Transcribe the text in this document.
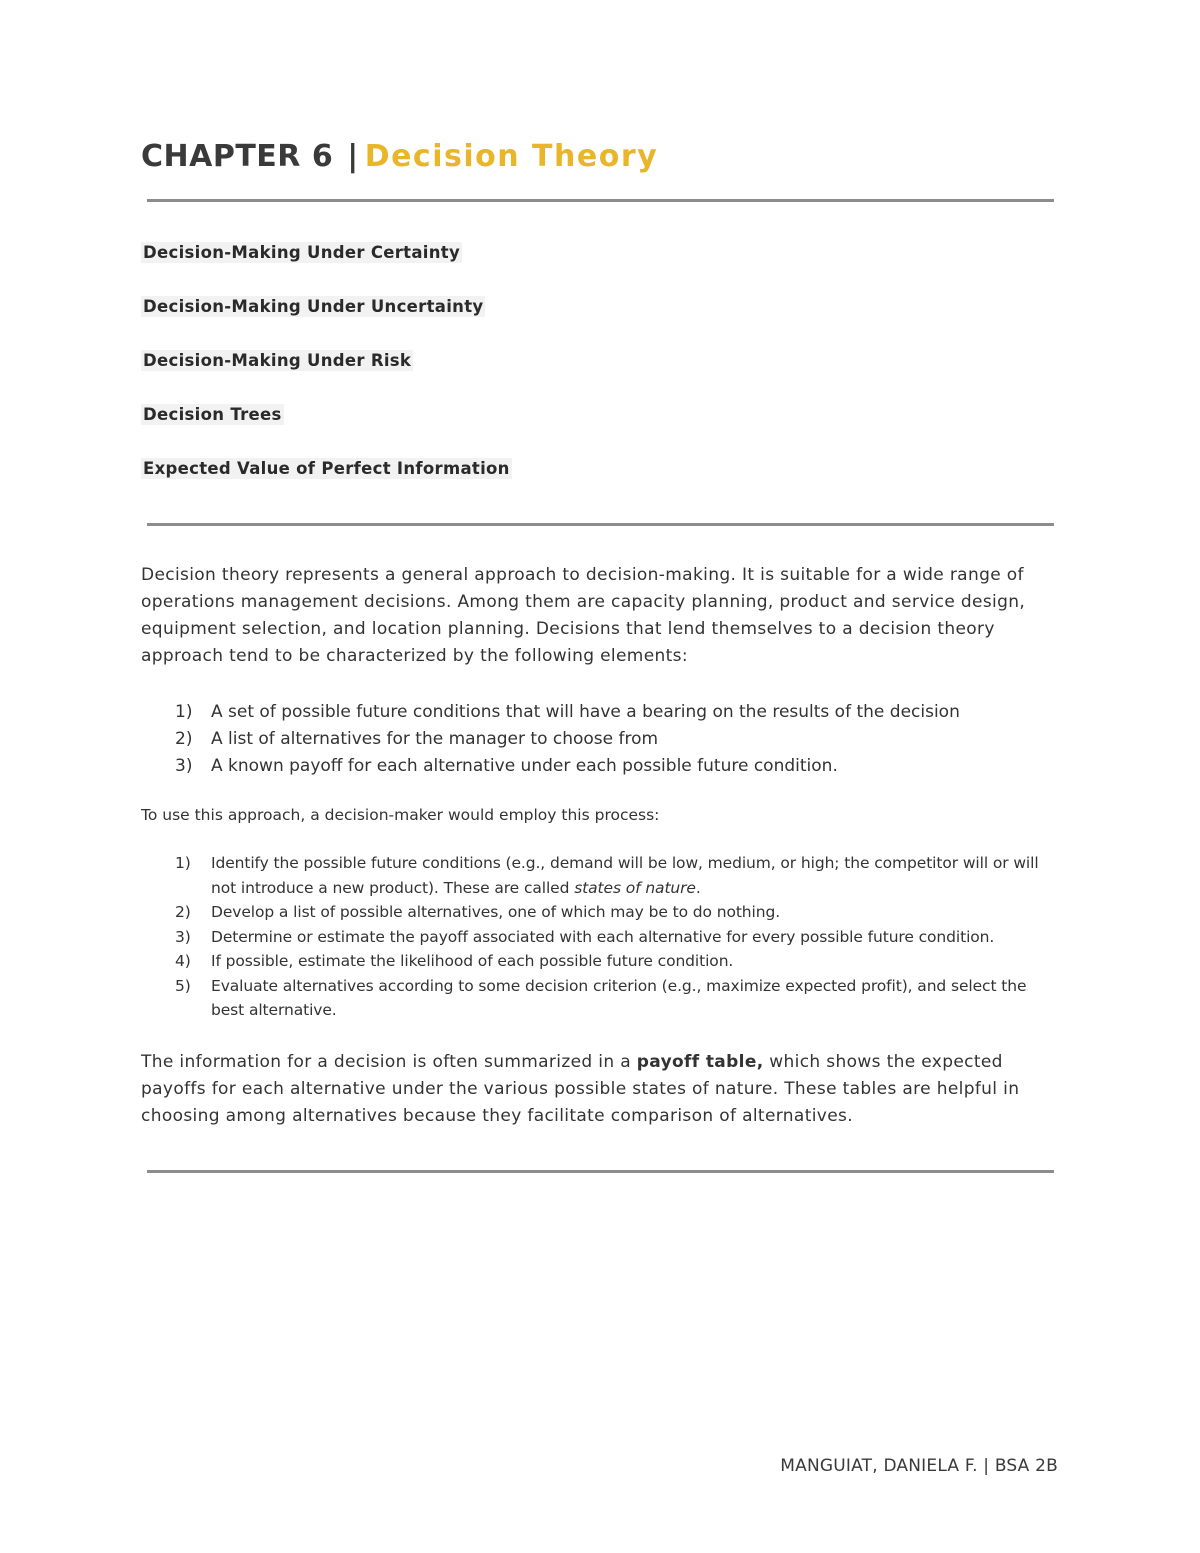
CHAPTER 6 | Decision Theory
Decision-Making Under Certainty
Decision-Making Under Uncertainty
Decision-Making Under Risk
Decision Trees
Expected Value of Perfect Information

Decision theory represents a general approach to decision-making. It is suitable for a wide range of operations management decisions. Among them are capacity planning, product and service design, equipment selection, and location planning. Decisions that lend themselves to a decision theory approach tend to be characterized by the following elements:

1) A set of possible future conditions that will have a bearing on the results of the decision
2) A list of alternatives for the manager to choose from
3) A known payoff for each alternative under each possible future condition.

To use this approach, a decision-maker would employ this process:

1) Identify the possible future conditions (e.g., demand will be low, medium, or high; the competitor will or will not introduce a new product). These are called states of nature.
2) Develop a list of possible alternatives, one of which may be to do nothing.
3) Determine or estimate the payoff associated with each alternative for every possible future condition.
4) If possible, estimate the likelihood of each possible future condition.
5) Evaluate alternatives according to some decision criterion (e.g., maximize expected profit), and select the best alternative.

The information for a decision is often summarized in a payoff table, which shows the expected payoffs for each alternative under the various possible states of nature. These tables are helpful in choosing among alternatives because they facilitate comparison of alternatives.

MANGUIAT, DANIELA F. | BSA 2B
